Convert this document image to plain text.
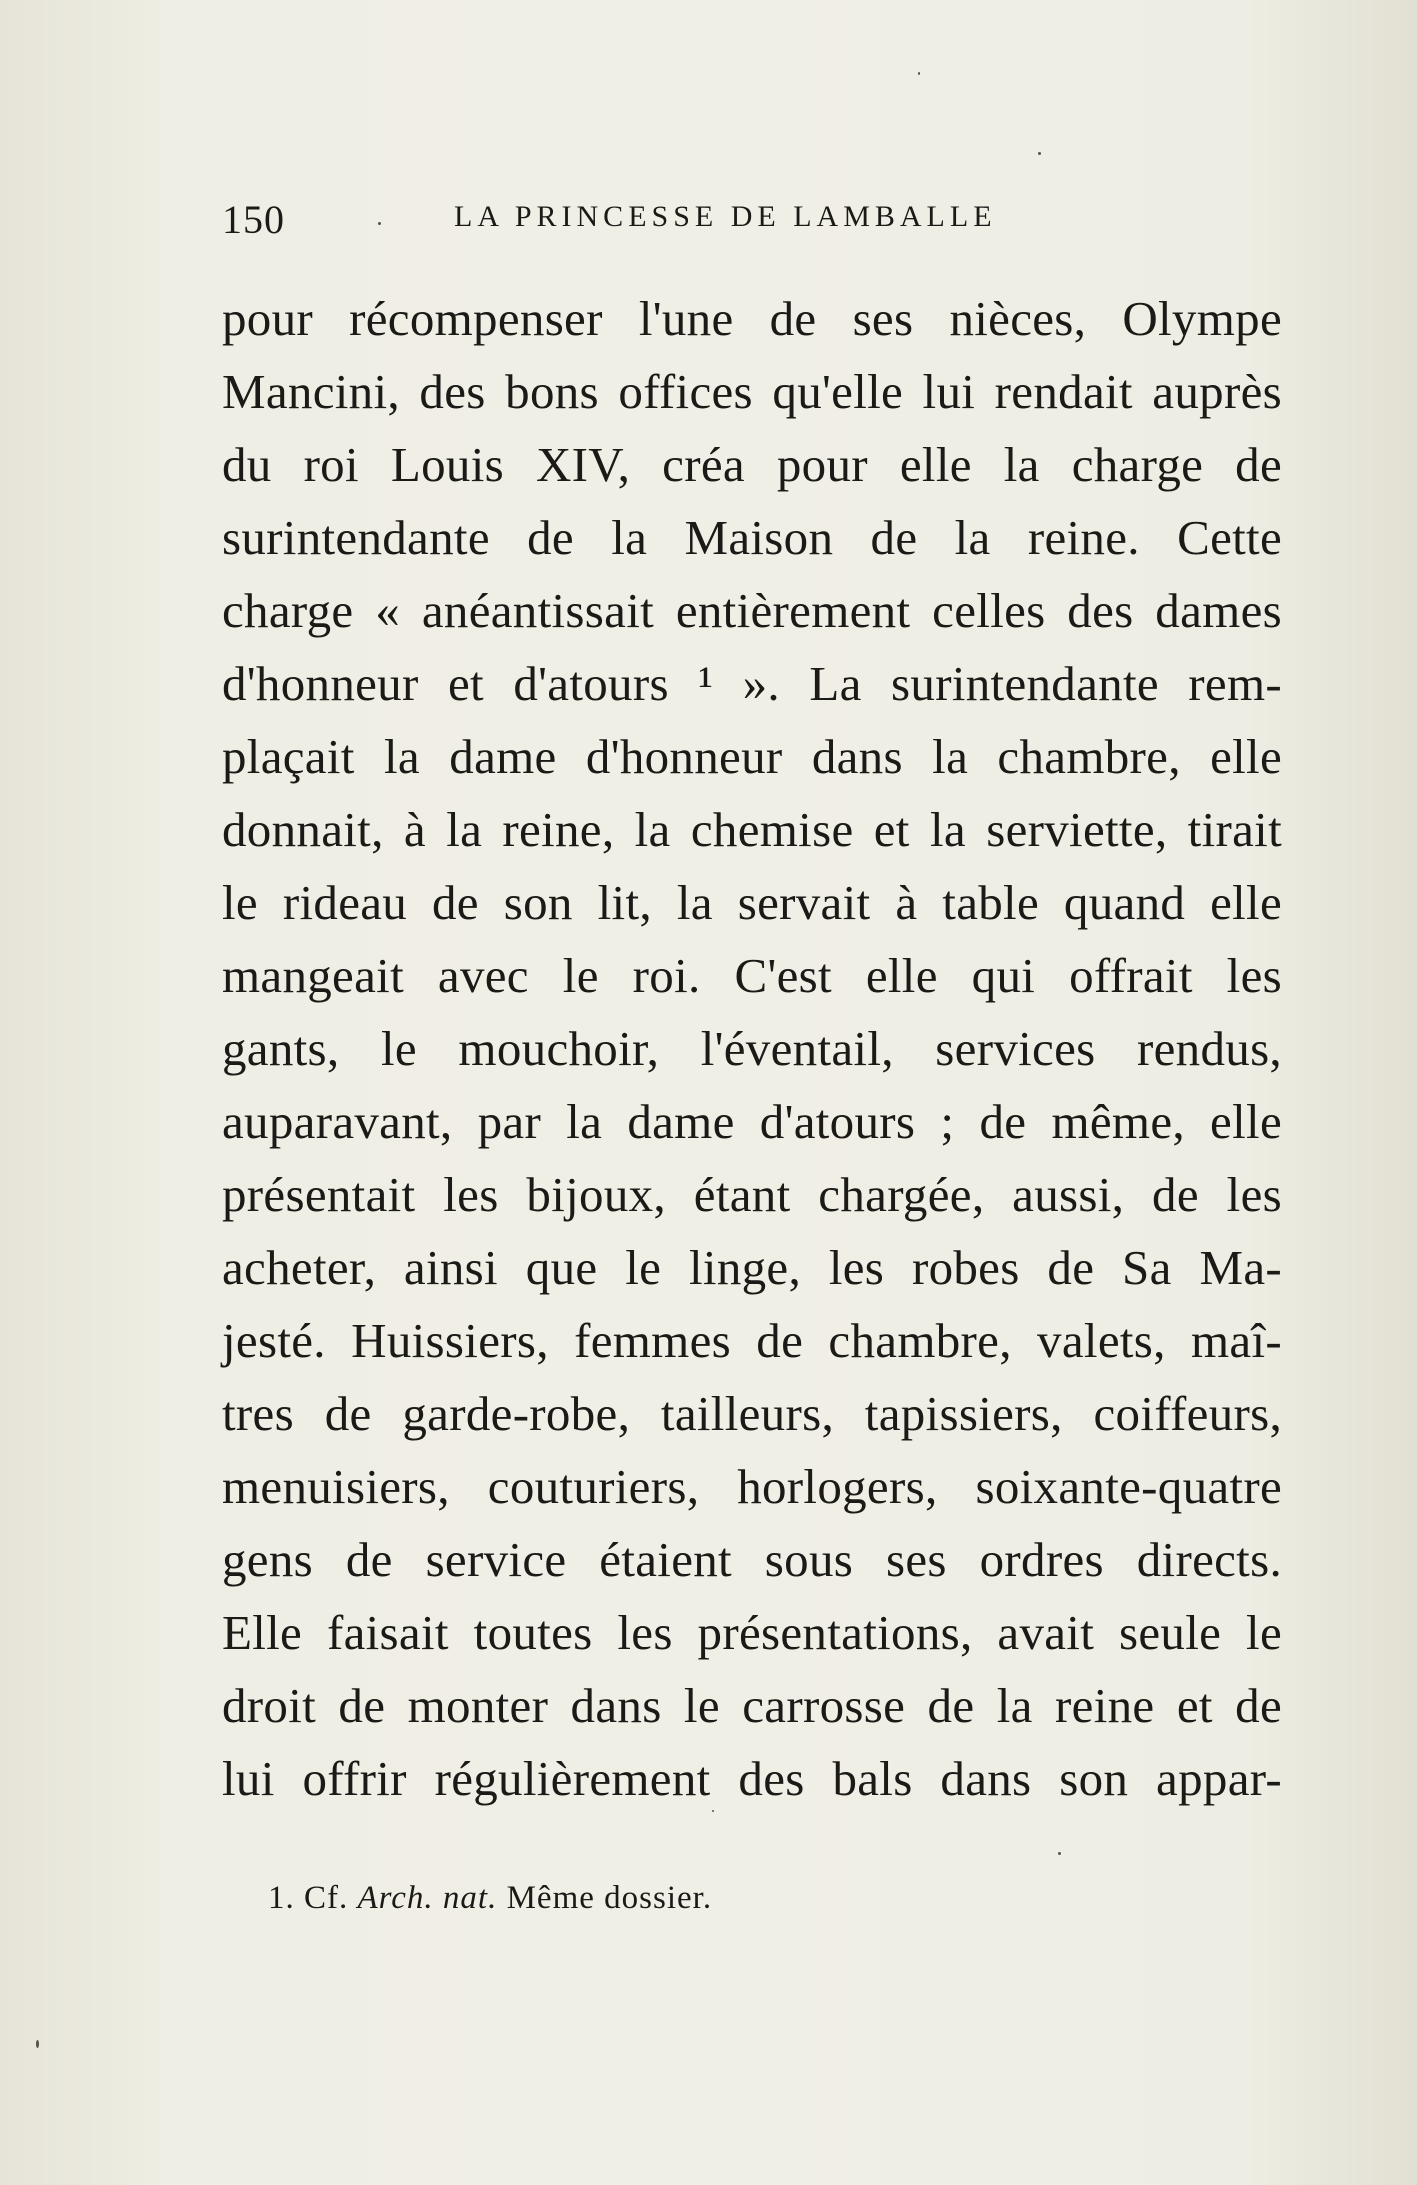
150	LA PRINCESSE DE LAMBALLE
pour récompenser l'une de ses nièces, Olympe
Mancini, des bons offices qu'elle lui rendait auprès
du roi Louis XIV, créa pour elle la charge de
surintendante de la Maison de la reine. Cette
charge « anéantissait entièrement celles des dames
d'honneur et d'atours ¹ ». La surintendante rem-
plaçait la dame d'honneur dans la chambre, elle
donnait, à la reine, la chemise et la serviette, tirait
le rideau de son lit, la servait à table quand elle
mangeait avec le roi. C'est elle qui offrait les
gants, le mouchoir, l'éventail, services rendus,
auparavant, par la dame d'atours ; de même, elle
présentait les bijoux, étant chargée, aussi, de les
acheter, ainsi que le linge, les robes de Sa Ma-
jesté. Huissiers, femmes de chambre, valets, maî-
tres de garde-robe, tailleurs, tapissiers, coiffeurs,
menuisiers, couturiers, horlogers, soixante-quatre
gens de service étaient sous ses ordres directs.
Elle faisait toutes les présentations, avait seule le
droit de monter dans le carrosse de la reine et de
lui offrir régulièrement des bals dans son appar-
1. Cf. Arch. nat. Même dossier.
